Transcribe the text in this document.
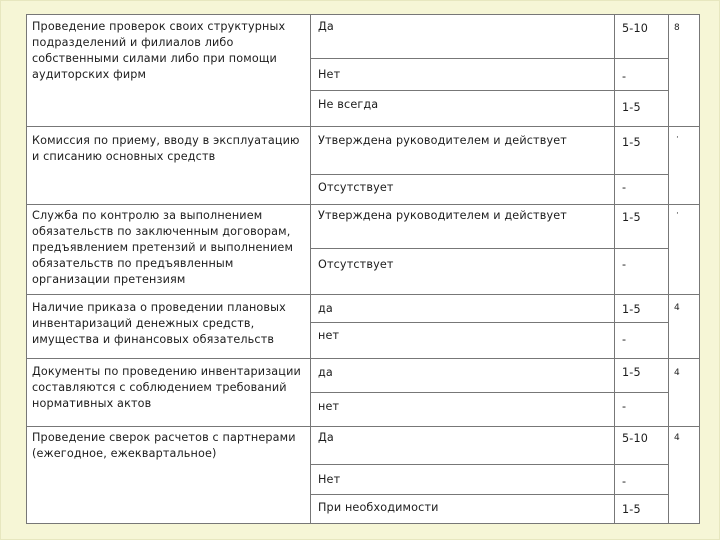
Проведение проверок своих структурных подразделений и филиалов либо собственными силами либо при помощи аудиторских фирм
Да
Нет
Не всегда
5-10
-
1-5
8
Комиссия по приему, вводу в эксплуатацию и списанию основных средств
Утверждена руководителем и действует
Отсутствует
1-5
-
·
Служба по контролю за выполнением обязательств по заключенным договорам, предъявлением претензий и выполнением обязательств по предъявленным организации претензиям
Утверждена руководителем и действует
Отсутствует
1-5
-
·
Наличие приказа о проведении плановых инвентаризаций денежных средств, имущества и финансовых обязательств
да
нет
1-5
-
4
Документы по проведению инвентаризации составляются с соблюдением требований нормативных актов
да
нет
1-5
-
4
Проведение сверок расчетов с партнерами (ежегодное, ежеквартальное)
Да
Нет
При необходимости
5-10
-
1-5
4
